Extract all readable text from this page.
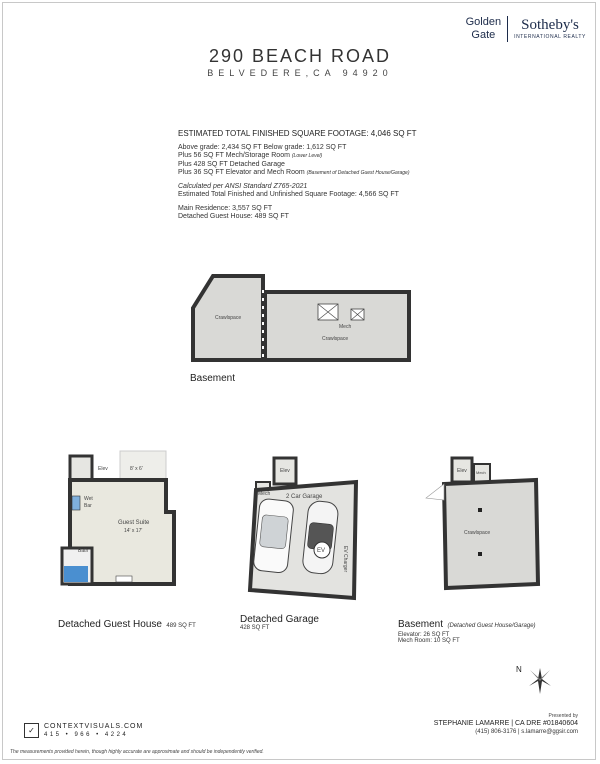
Golden
Gate
Sotheby's
INTERNATIONAL REALTY
290 BEACH ROAD
BELVEDERE,CA 94920
ESTIMATED TOTAL FINISHED SQUARE FOOTAGE: 4,046 SQ FT
Above grade: 2,434 SQ FT Below grade: 1,612 SQ FT
Plus 56 SQ FT Mech/Storage Room (Lower Level)
Plus 428 SQ FT Detached Garage
Plus 36 SQ FT Elevator and Mech Room (Basement of Detached Guest House/Garage)
Calculated per ANSI Standard Z765-2021
Estimated Total Finished and Unfinished Square Footage: 4,566 SQ FT
Main Residence: 3,557 SQ FT
Detached Guest House: 489 SQ FT
Crawlspace
Mech
Crawlspace
Basement
Elev	8' x 6'
Wet
Bar
Guest Suite
14' x 17'
Bath
Detached Guest House 489 SQ FT
EV
Elev
Mech	2 Car Garage
EV Charger
Detached Garage
428 SQ FT
Elev Mech
Crawlspace
Basement (Detached Guest House/Garage)
Elevator: 26 SQ FT
Mech Room: 10 SQ FT
N
✓	CONTEXTVISUALS.COM
415 • 966 • 4224
Presented by
STEPHANIE LAMARRE | CA DRE #01840604
(415) 806-3176 | s.lamarre@ggsir.com
The measurements provided herein, though highly accurate are approximate and should be independently verified.
